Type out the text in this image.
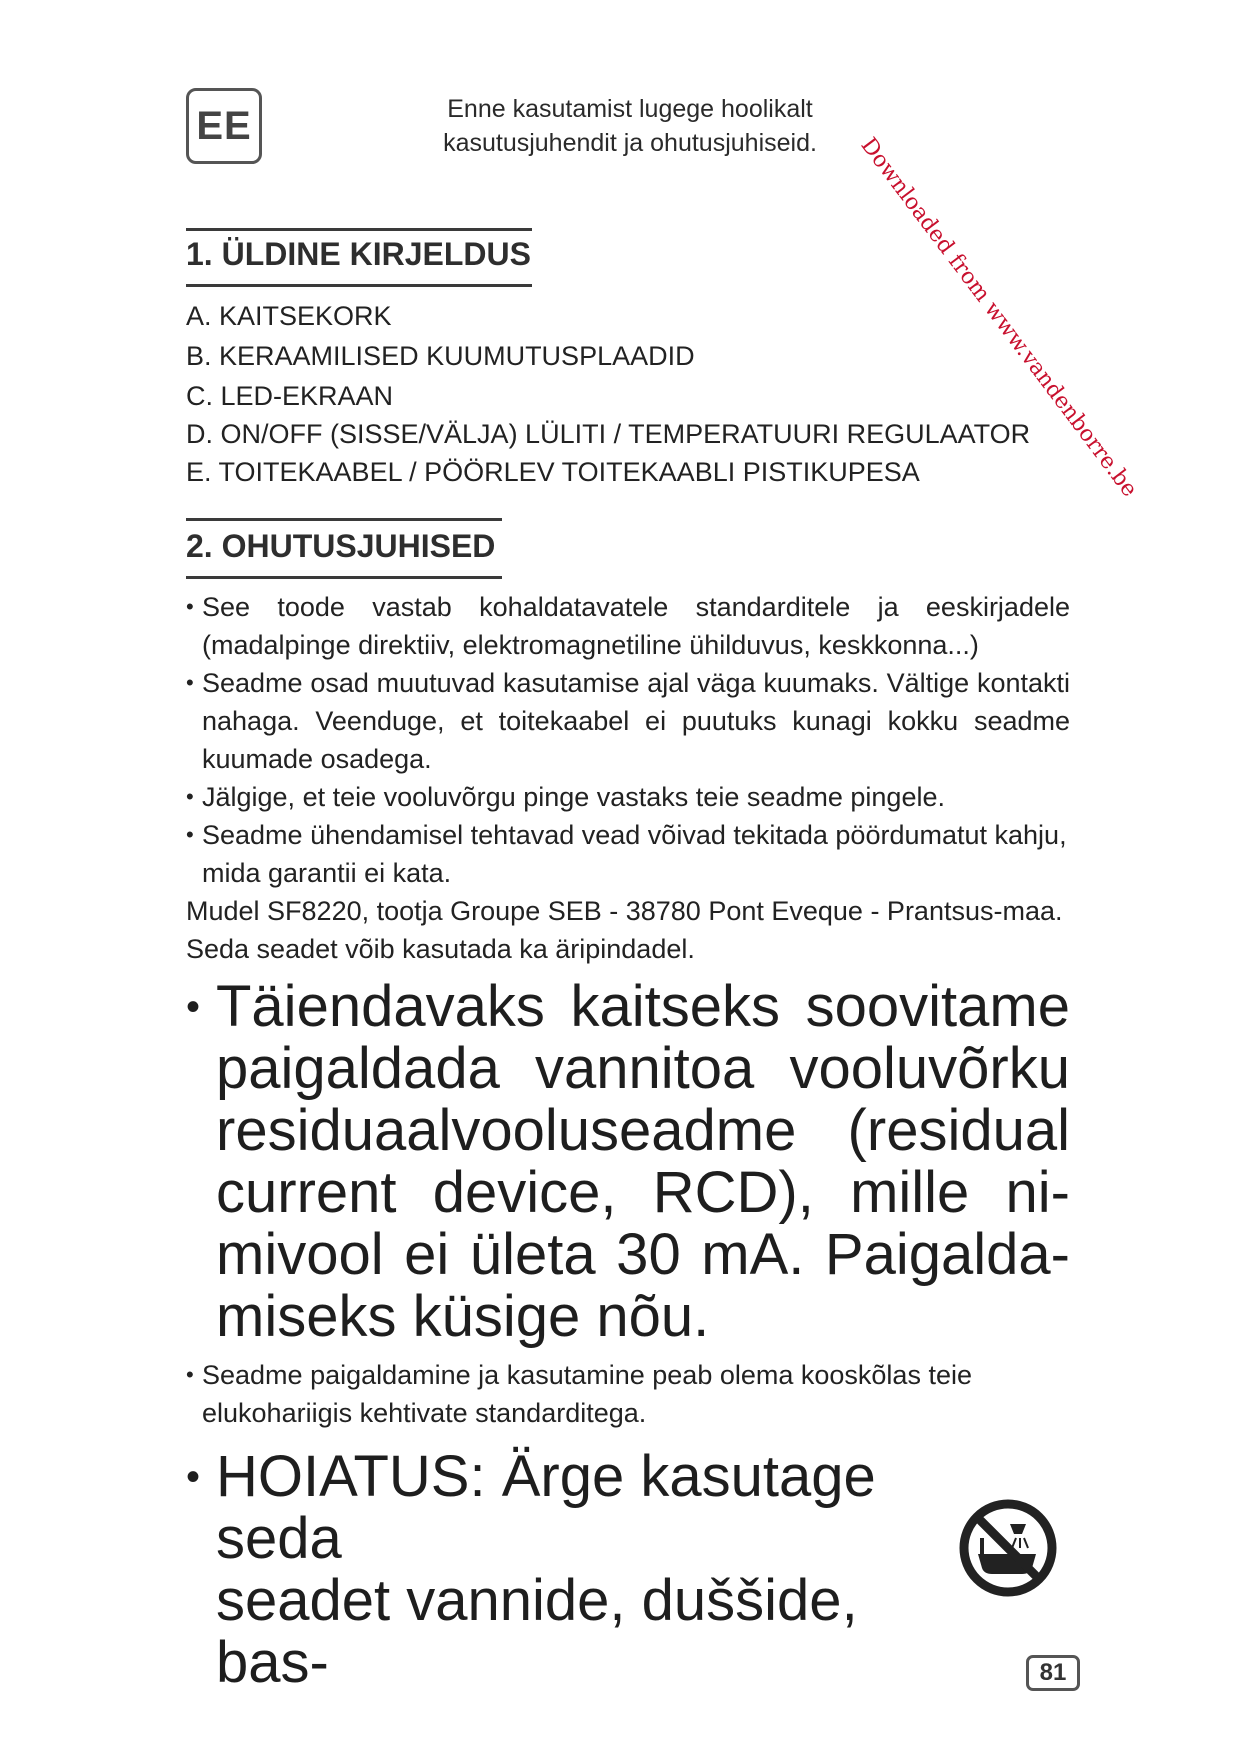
EE	Enne kasutamist lugege hoolikalt
kasutusjuhendit ja ohutusjuhiseid.	Downloaded from www.vandenborre.be
1. ÜLDINE KIRJELDUS
A. KAITSEKORK
B. KERAAMILISED KUUMUTUSPLAADID
C. LED-EKRAAN
D. ON/OFF (SISSE/VÄLJA) LÜLITI / TEMPERATUURI REGULAATOR
E. TOITEKAABEL / PÖÖRLEV TOITEKAABLI PISTIKUPESA
2. OHUTUSJUHISED
• See toode vastab kohaldatavatele standarditele ja eeskirjadele (madalpinge direktiiv, elektromagnetiline ühilduvus, keskkonna...)
• Seadme osad muutuvad kasutamise ajal väga kuumaks. Vältige kontakti nahaga. Veenduge, et toitekaabel ei puutuks kunagi kokku seadme kuumade osadega.
• Jälgige, et teie vooluvõrgu pinge vastaks teie seadme pingele.
• Seadme ühendamisel tehtavad vead võivad tekitada pöördumatut kahju, mida garantii ei kata.
Mudel SF8220, tootja Groupe SEB - 38780 Pont Eveque - Prantsus-maa.
Seda seadet võib kasutada ka äripindadel.
• Täiendavaks kaitseks soovitame paigaldada vannitoa vooluvõrku residuaalvooluseadme (residual current device, RCD), mille ni-mivool ei ületa 30 mA. Paigalda-miseks küsige nõu.
• Seadme paigaldamine ja kasutamine peab olema kooskõlas teie elukohariigis kehtivate standarditega.
• HOIATUS: Ärge kasutage seda
seadet vannide, duššide, bas-	81
